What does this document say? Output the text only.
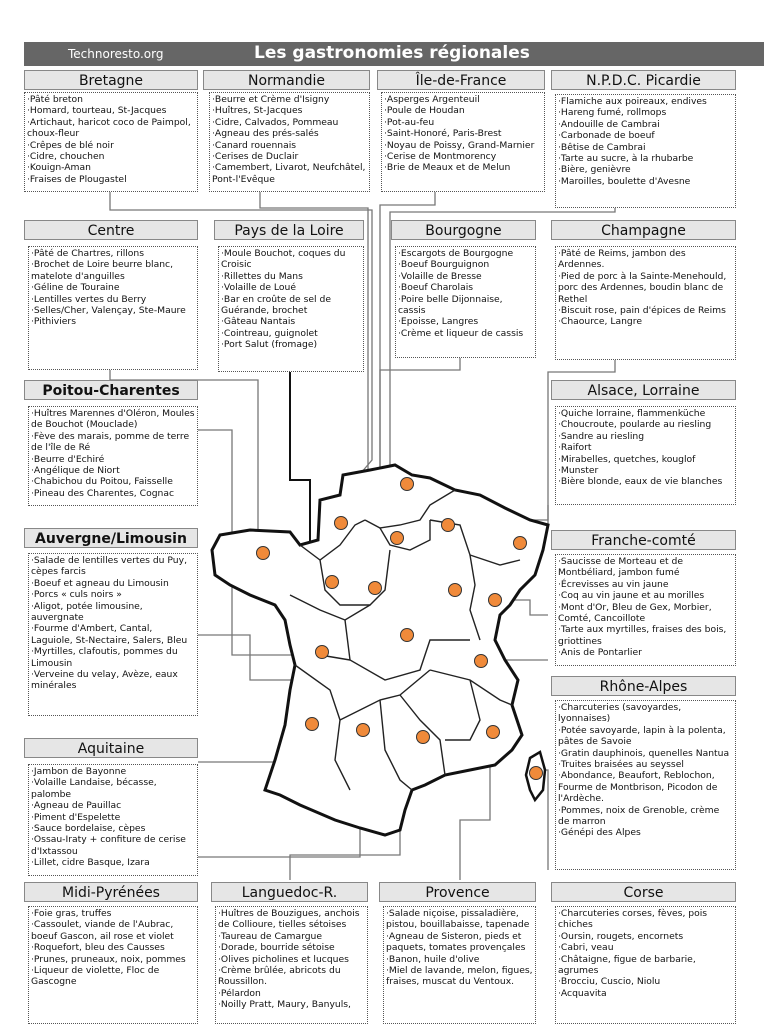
Technoresto.org	Les gastronomies régionales
Bretagne
·Pâté breton
·Homard, tourteau, St-Jacques
·Artichaut, haricot coco de Paimpol, choux-fleur
·Crêpes de blé noir
·Cidre, chouchen
·Kouign-Aman
·Fraises de Plougastel
Normandie
·Beurre et Crème d'Isigny
·Huîtres, St-Jacques
·Cidre, Calvados, Pommeau
·Agneau des prés-salés
·Canard rouennais
·Cerises de Duclair
·Camembert, Livarot, Neufchâtel, Pont-l'Evêque
Île-de-France
·Asperges Argenteuil
·Poule de Houdan
·Pot-au-feu
·Saint-Honoré, Paris-Brest
·Noyau de Poissy, Grand-Marnier
·Cerise de Montmorency
·Brie de Meaux et de Melun
N.P.D.C. Picardie
·Flamiche aux poireaux, endives
·Hareng fumé, rollmops
·Andouille de Cambrai
·Carbonade de boeuf
·Bêtise de Cambrai
·Tarte au sucre, à la rhubarbe
·Bière, genièvre
·Maroilles, boulette d'Avesne
Centre
·Pâté de Chartres, rillons
·Brochet de Loire beurre blanc, matelote d'anguilles
·Géline de Touraine
·Lentilles vertes du Berry
·Selles/Cher, Valençay, Ste-Maure
·Pithiviers
Pays de la Loire
·Moule Bouchot, coques du Croisic
·Rillettes du Mans
·Volaille de Loué
·Bar en croûte de sel de Guérande, brochet
·Gâteau Nantais
·Cointreau, guignolet
·Port Salut (fromage)
Bourgogne
·Escargots de Bourgogne
·Boeuf Bourguignon
·Volaille de Bresse
·Boeuf Charolais
·Poire belle Dijonnaise, cassis
·Epoisse, Langres
·Crème et liqueur de cassis
Champagne
·Pâté de Reims, jambon des Ardennes.
·Pied de porc à la Sainte-Menehould, porc des Ardennes, boudin blanc de Rethel
·Biscuit rose, pain d'épices de Reims
·Chaource, Langre
Poitou-Charentes
·Huîtres Marennes d'Oléron, Moules de Bouchot (Mouclade)
·Fève des marais, pomme de terre de l'île de Ré
·Beurre d'Echiré
·Angélique de Niort
·Chabichou du Poitou, Faisselle
·Pineau des Charentes, Cognac
Alsace, Lorraine
·Quiche lorraine, flammenküche
·Choucroute, poularde au riesling
·Sandre au riesling
·Raifort
·Mirabelles, quetches, kouglof
·Munster
·Bière blonde, eaux de vie blanches
Auvergne/Limousin
·Salade de lentilles vertes du Puy, cèpes farcis
·Boeuf et agneau du Limousin
·Porcs « culs noirs »
·Aligot, potée limousine, auvergnate
·Fourme d'Ambert, Cantal, Laguiole, St-Nectaire, Salers, Bleu
·Myrtilles, clafoutis, pommes du Limousin
·Verveine du velay, Avèze, eaux minérales
Franche-comté
·Saucisse de Morteau et de Montbéliard, jambon fumé
·Écrevisses au vin jaune
·Coq au vin jaune et au morilles
·Mont d'Or, Bleu de Gex, Morbier, Comté, Cancoillote
·Tarte aux myrtilles, fraises des bois, griottines
·Anis de Pontarlier
Rhône-Alpes
·Charcuteries (savoyardes, lyonnaises)
·Potée savoyarde, lapin à la polenta, pâtes de Savoie
·Gratin dauphinois, quenelles Nantua
·Truites braisées au seyssel
·Abondance, Beaufort, Reblochon, Fourme de Montbrison, Picodon de l'Ardèche.
·Pommes, noix de Grenoble, crème de marron
·Génépi des Alpes
Aquitaine
·Jambon de Bayonne
·Volaille Landaise, bécasse, palombe
·Agneau de Pauillac
·Piment d'Espelette
·Sauce bordelaise, cèpes
·Ossau-Iraty + confiture de cerise d'Ixtassou
·Lillet, cidre Basque, Izara
Midi-Pyrénées
·Foie gras, truffes
·Cassoulet, viande de l'Aubrac, boeuf Gascon, ail rose et violet
·Roquefort, bleu des Causses
·Prunes, pruneaux, noix, pommes
·Liqueur de violette, Floc de Gascogne
Languedoc-R.
·Huîtres de Bouzigues, anchois de Collioure, tielles sétoises
·Taureau de Camargue
·Dorade, bourride sétoise
·Olives picholines et lucques
·Crème brûlée, abricots du Roussillon.
·Pélardon
·Noilly Pratt, Maury, Banyuls,
Provence
·Salade niçoise, pissaladière, pistou, bouillabaisse, tapenade
·Agneau de Sisteron, pieds et paquets, tomates provençales
·Banon, huile d'olive
·Miel de lavande, melon, figues, fraises, muscat du Ventoux.
Corse
·Charcuteries corses, fèves, pois chiches
·Oursin, rougets, encornets
·Cabri, veau
·Châtaigne, figue de barbarie, agrumes
·Brocciu, Cuscio, Niolu
·Acquavita
